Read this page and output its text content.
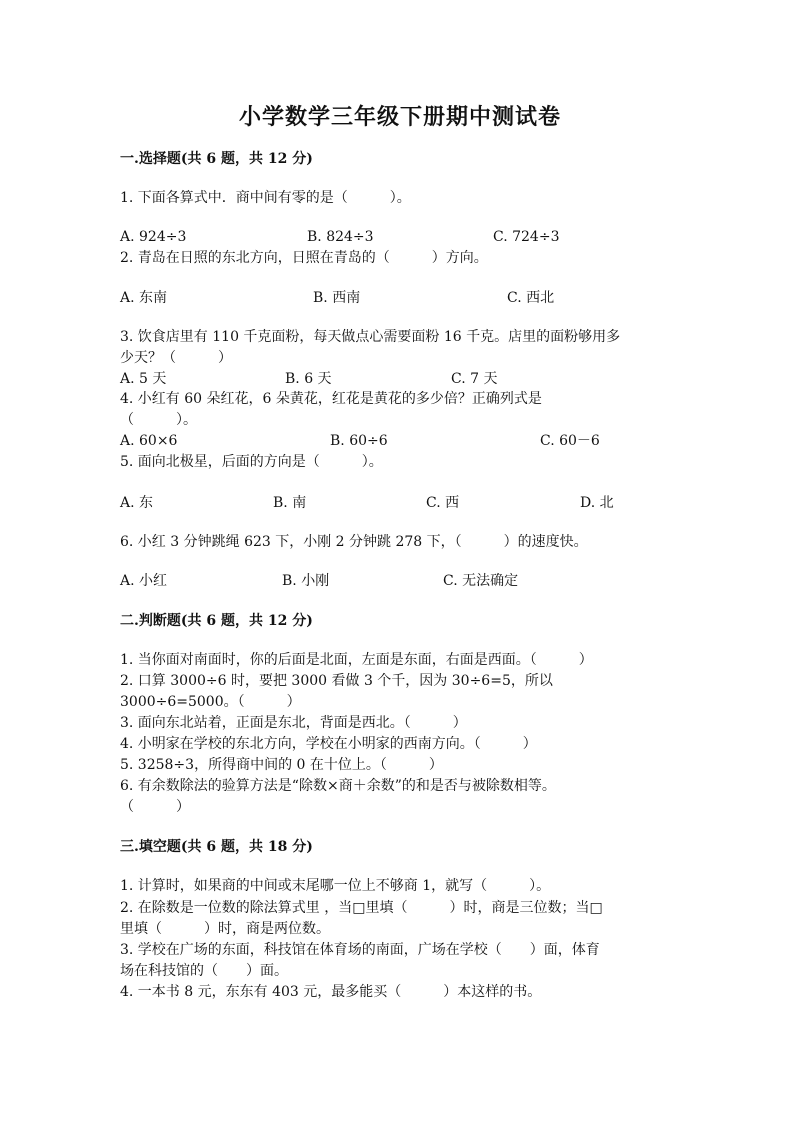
小学数学三年级下册期中测试卷
一.选择题(共 6 题，共 12 分)
1. 下面各算式中．商中间有零的是（　　　）。
A. 924÷3	B. 824÷3	C. 724÷3
2. 青岛在日照的东北方向，日照在青岛的（　　　）方向。
A. 东南	B. 西南	C. 西北
3. 饮食店里有 110 千克面粉，每天做点心需要面粉 16 千克。店里的面粉够用多
少天？（　　　）
A. 5 天	B. 6 天	C. 7 天
4. 小红有 60 朵红花，6 朵黄花，红花是黄花的多少倍？正确列式是
（　　　）。
A. 60×6	B. 60÷6	C. 60－6
5. 面向北极星，后面的方向是（　　　）。
A. 东	B. 南	C. 西	D. 北
6. 小红 3 分钟跳绳 623 下，小刚 2 分钟跳 278 下，（　　　）的速度快。
A. 小红	B. 小刚	C. 无法确定
二.判断题(共 6 题，共 12 分)
1. 当你面对南面时，你的后面是北面，左面是东面，右面是西面。（　　　）
2. 口算 3000÷6 时，要把 3000 看做 3 个千，因为 30÷6=5，所以
3000÷6=5000。（　　　）
3. 面向东北站着，正面是东北，背面是西北。（　　　）
4. 小明家在学校的东北方向，学校在小明家的西南方向。（　　　）
5. 3258÷3，所得商中间的 0 在十位上。（　　　）
6. 有余数除法的验算方法是“除数×商＋余数”的和是否与被除数相等。
（　　　）
三.填空题(共 6 题，共 18 分)
1. 计算时，如果商的中间或末尾哪一位上不够商 1，就写（　　　）。
2. 在除数是一位数的除法算式里 ，当□里填（　　　）时，商是三位数；当□
里填（　　　）时，商是两位数。
3. 学校在广场的东面，科技馆在体育场的南面，广场在学校（　　）面，体育
场在科技馆的（　　）面。
4. 一本书 8 元，东东有 403 元，最多能买（　　　）本这样的书。
